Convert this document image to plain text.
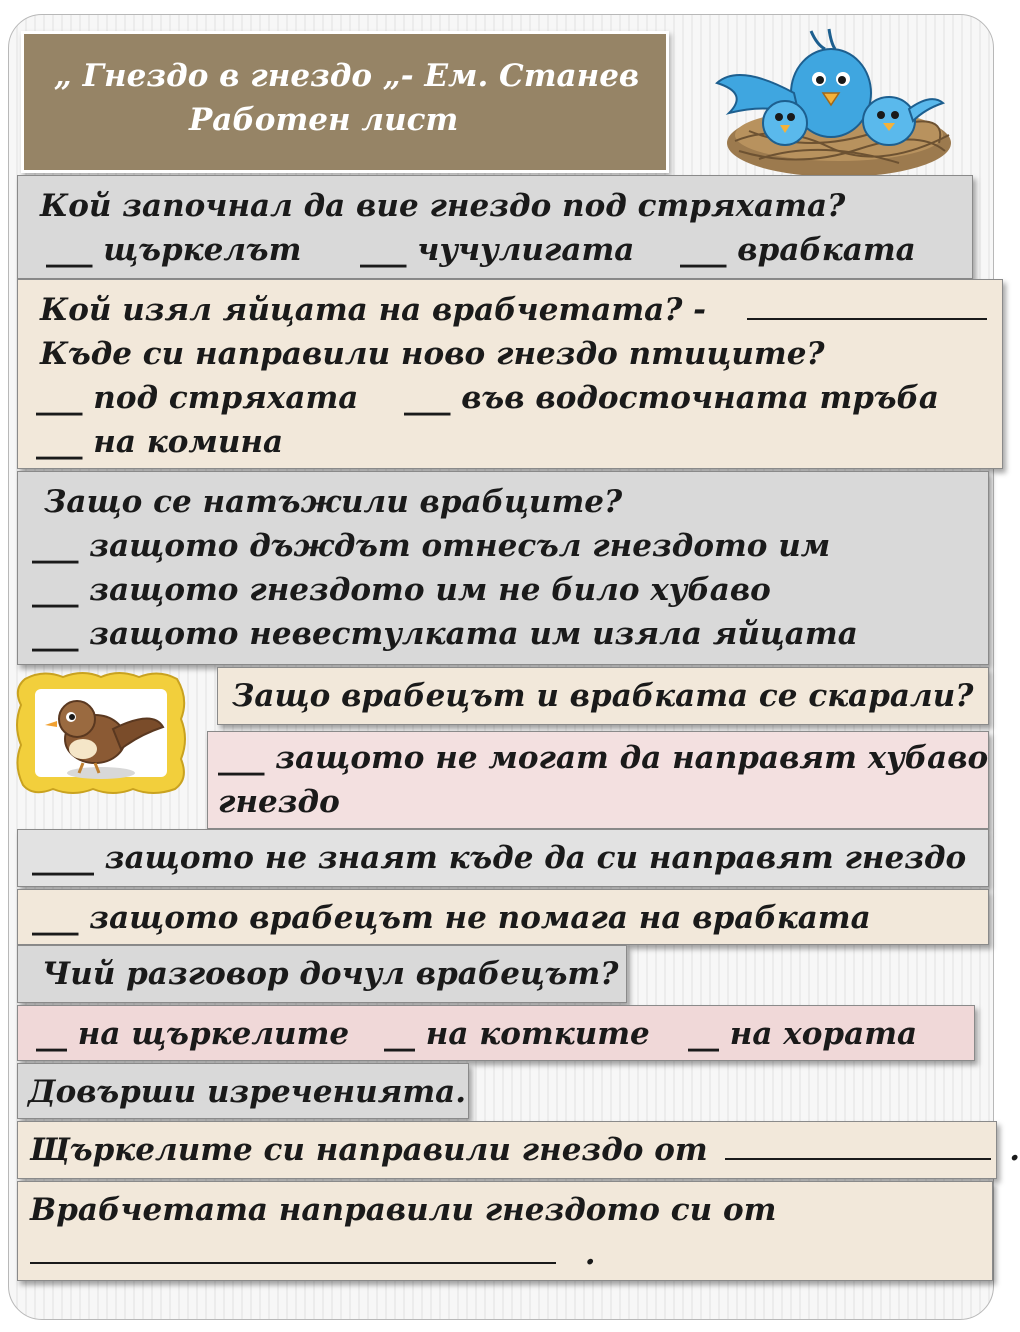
„ Гнездо в гнездо „- Ем. Станев
Работен лист
Кой започнал да вие гнездо под стряхата?
___ щъркелът ___ чучулигата ___ врабката
Кой изял яйцата на врабчетата? -
Къде си направили ново гнездо птиците?
___ под стряхата ___ във водосточната тръба
___ на комина
Защо се натъжили врабците?
___ защото дъждът отнесъл гнездото им
___ защото гнездото им не било хубаво
___ защото невестулката им изяла яйцата
Защо врабецът и врабката се скарали?
___ защото не могат да направят хубаво
гнездо
____ защото не знаят къде да си направят гнездо
___ защото врабецът не помага на врабката
Чий разговор дочул врабецът?
__ на щъркелите __ на котките __ на хората
Довърши изреченията.
Щъркелите си направили гнездо от	.
Врабчетата направили гнездото си от
.
